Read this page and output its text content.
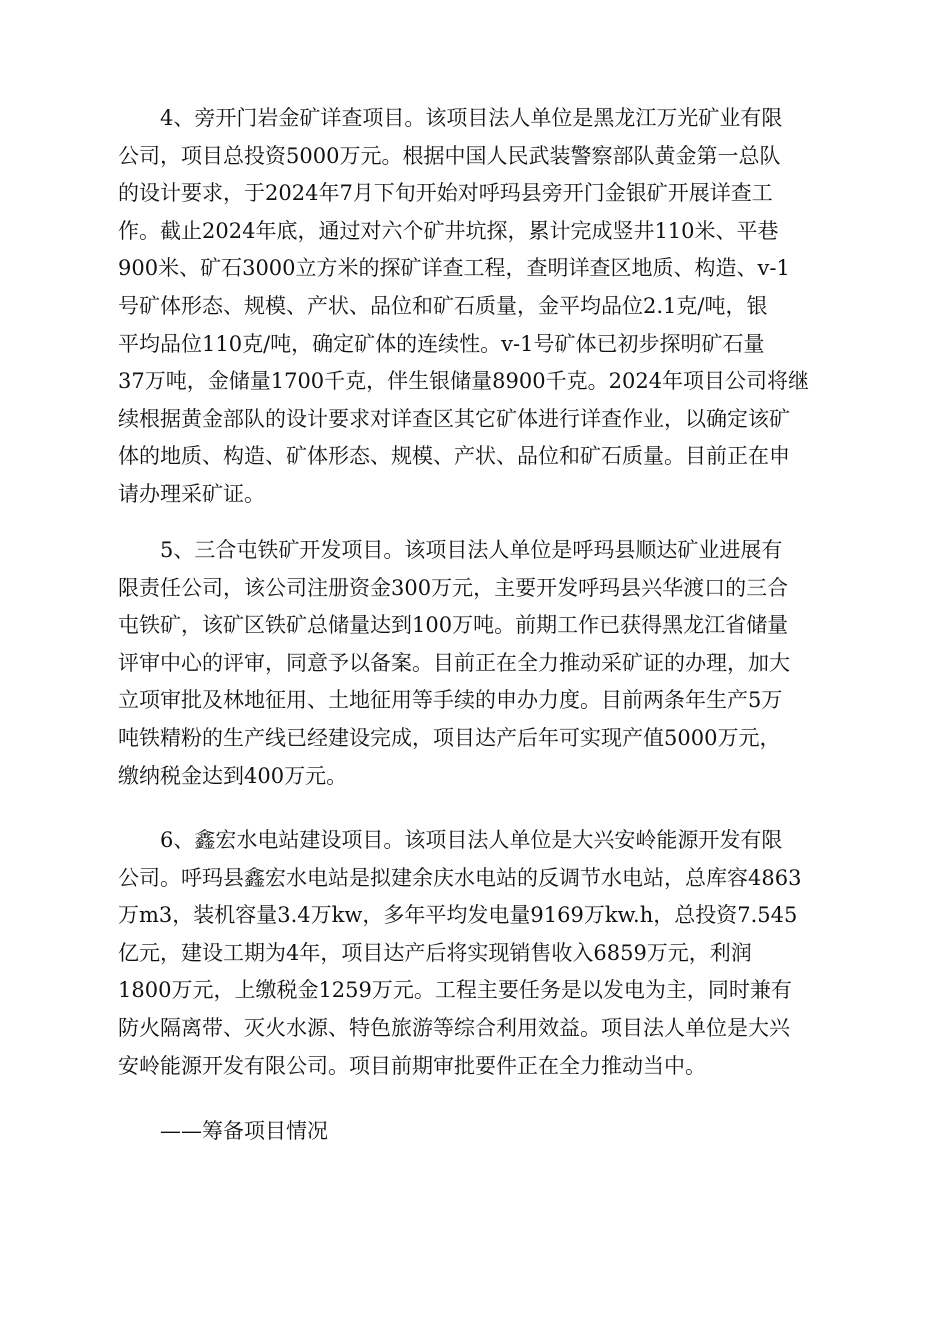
　　4、旁开门岩金矿详查项目。该项目法人单位是黑龙江万光矿业有限
公司，项目总投资5000万元。根据中国人民武装警察部队黄金第一总队
的设计要求，于2024年7月下旬开始对呼玛县旁开门金银矿开展详查工
作。截止2024年底，通过对六个矿井坑探，累计完成竖井110米、平巷
900米、矿石3000立方米的探矿详查工程，查明详查区地质、构造、v-1
号矿体形态、规模、产状、品位和矿石质量，金平均品位2.1克/吨，银
平均品位110克/吨，确定矿体的连续性。v-1号矿体已初步探明矿石量
37万吨，金储量1700千克，伴生银储量8900千克。2024年项目公司将继
续根据黄金部队的设计要求对详查区其它矿体进行详查作业，以确定该矿
体的地质、构造、矿体形态、规模、产状、品位和矿石质量。目前正在申
请办理采矿证。

　　5、三合屯铁矿开发项目。该项目法人单位是呼玛县顺达矿业进展有
限责任公司，该公司注册资金300万元，主要开发呼玛县兴华渡口的三合
屯铁矿，该矿区铁矿总储量达到100万吨。前期工作已获得黑龙江省储量
评审中心的评审，同意予以备案。目前正在全力推动采矿证的办理，加大
立项审批及林地征用、土地征用等手续的申办力度。目前两条年生产5万
吨铁精粉的生产线已经建设完成，项目达产后年可实现产值5000万元，
缴纳税金达到400万元。

　　6、鑫宏水电站建设项目。该项目法人单位是大兴安岭能源开发有限
公司。呼玛县鑫宏水电站是拟建余庆水电站的反调节水电站，总库容4863
万m3，装机容量3.4万kw，多年平均发电量9169万kw.h，总投资7.545
亿元，建设工期为4年，项目达产后将实现销售收入6859万元，利润
1800万元，上缴税金1259万元。工程主要任务是以发电为主，同时兼有
防火隔离带、灭火水源、特色旅游等综合利用效益。项目法人单位是大兴
安岭能源开发有限公司。项目前期审批要件正在全力推动当中。

　　——筹备项目情况
